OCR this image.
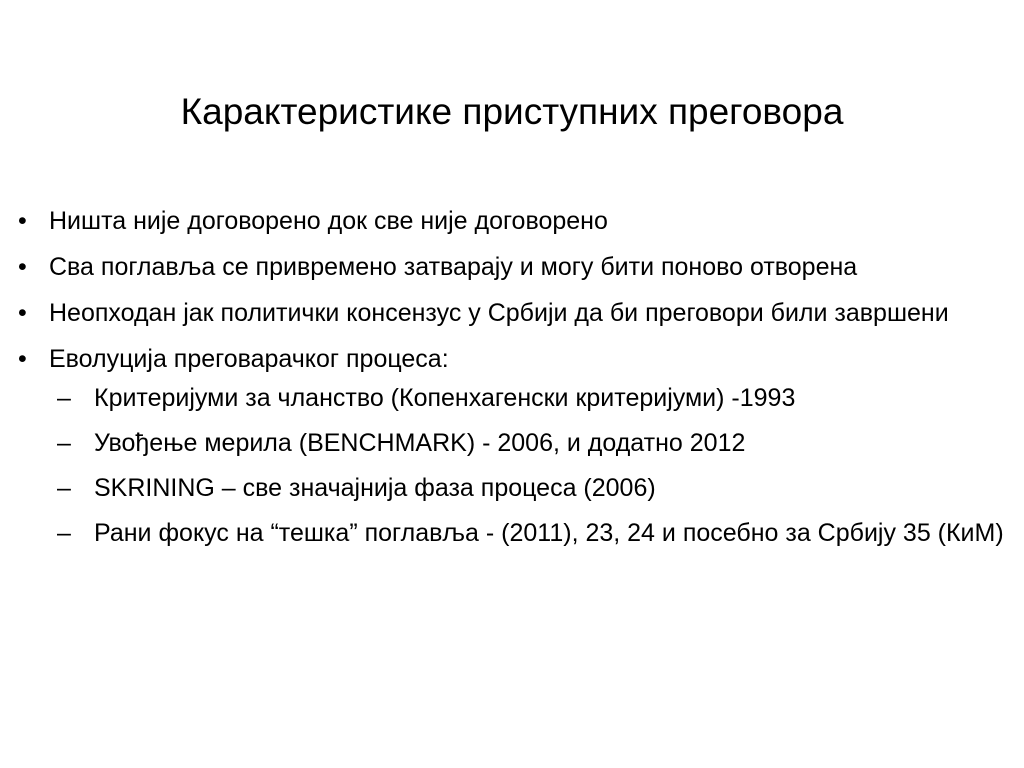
Карактеристике приступних преговора
• Ништа није договорено док све није договорено
• Сва поглавља се привремено затварају и могу бити поново отворена
• Неопходан јак политички консензус у Србији да би преговори били завршени
• Еволуција преговарачког процеса:
– Критеријуми за чланство (Копенхагенски критеријуми) -1993
– Увођење мерила (BENCHMARK) - 2006, и додатно 2012
– SKRINING – све значајнија фаза процеса (2006)
– Рани фокус на “тешка” поглавља - (2011), 23, 24 и посебно за Србију 35 (КиМ)
